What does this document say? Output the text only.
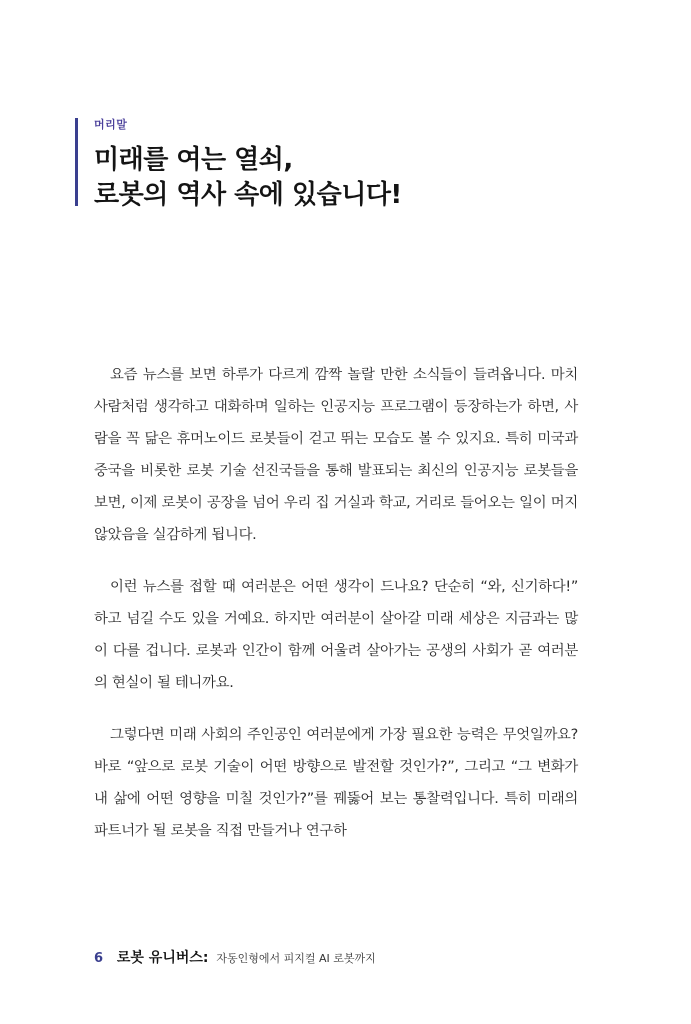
머리말
미래를 여는 열쇠,
로봇의 역사 속에 있습니다!

요즘 뉴스를 보면 하루가 다르게 깜짝 놀랄 만한 소식들이 들려옵니다. 마치 사람처럼 생각하고 대화하며 일하는 인공지능 프로그램이 등장하는가 하면, 사람을 꼭 닮은 휴머노이드 로봇들이 걷고 뛰는 모습도 볼 수 있지요. 특히 미국과 중국을 비롯한 로봇 기술 선진국들을 통해 발표되는 최신의 인공지능 로봇들을 보면, 이제 로봇이 공장을 넘어 우리 집 거실과 학교, 거리로 들어오는 일이 머지않았음을 실감하게 됩니다.

이런 뉴스를 접할 때 여러분은 어떤 생각이 드나요? 단순히 “와, 신기하다!” 하고 넘길 수도 있을 거예요. 하지만 여러분이 살아갈 미래 세상은 지금과는 많이 다를 겁니다. 로봇과 인간이 함께 어울려 살아가는 공생의 사회가 곧 여러분의 현실이 될 테니까요.

그렇다면 미래 사회의 주인공인 여러분에게 가장 필요한 능력은 무엇일까요? 바로 “앞으로 로봇 기술이 어떤 방향으로 발전할 것인가?”, 그리고 “그 변화가 내 삶에 어떤 영향을 미칠 것인가?”를 꿰뚫어 보는 통찰력입니다. 특히 미래의 파트너가 될 로봇을 직접 만들거나 연구하

6 로봇 유니버스: 자동인형에서 피지컬 AI 로봇까지
